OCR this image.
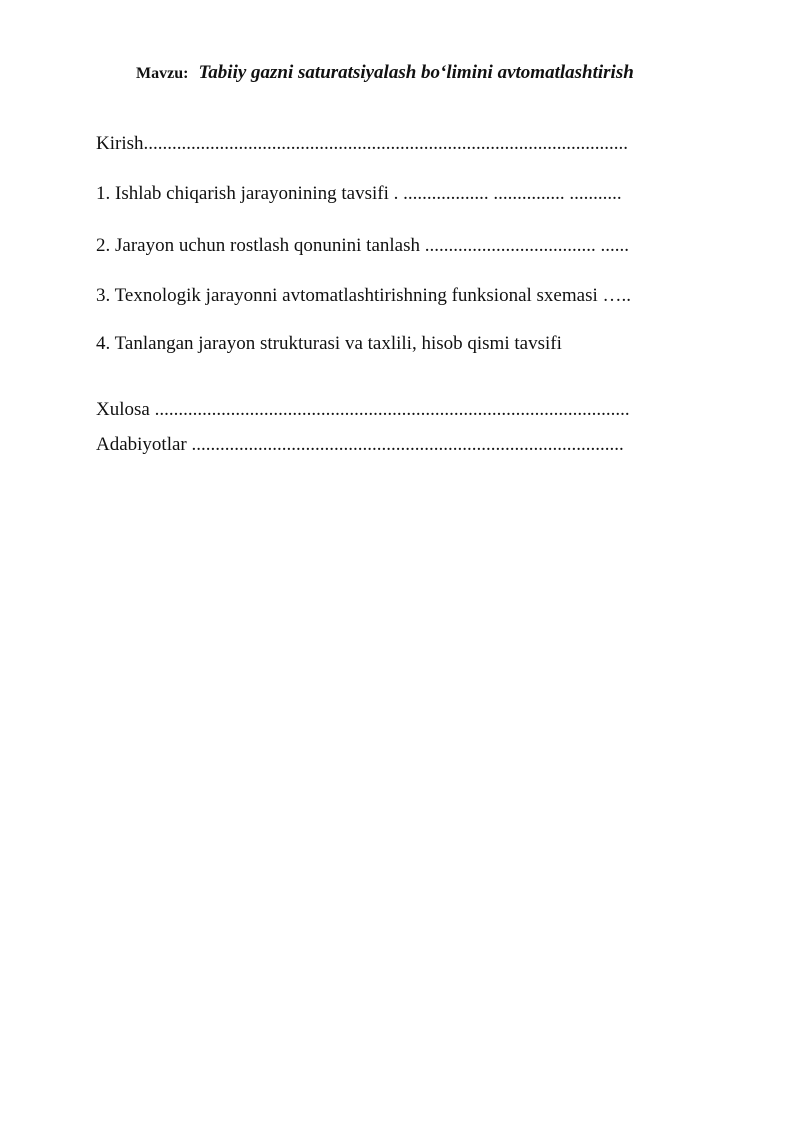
Mavzu: Tabiiy gazni saturatsiyalash bo‘limini avtomatlashtirish
Kirish......................................................................................................
1. Ishlab chiqarish jarayonining tavsifi . .................. ............... ...........
2. Jarayon uchun rostlash qonunini tanlash .................................... ......
3. Texnologik jarayonni avtomatlashtirishning funksional sxemasi …..
4. Tanlangan jarayon strukturasi va taxlili, hisob qismi tavsifi
Xulosa ....................................................................................................
Adabiyotlar ...........................................................................................
